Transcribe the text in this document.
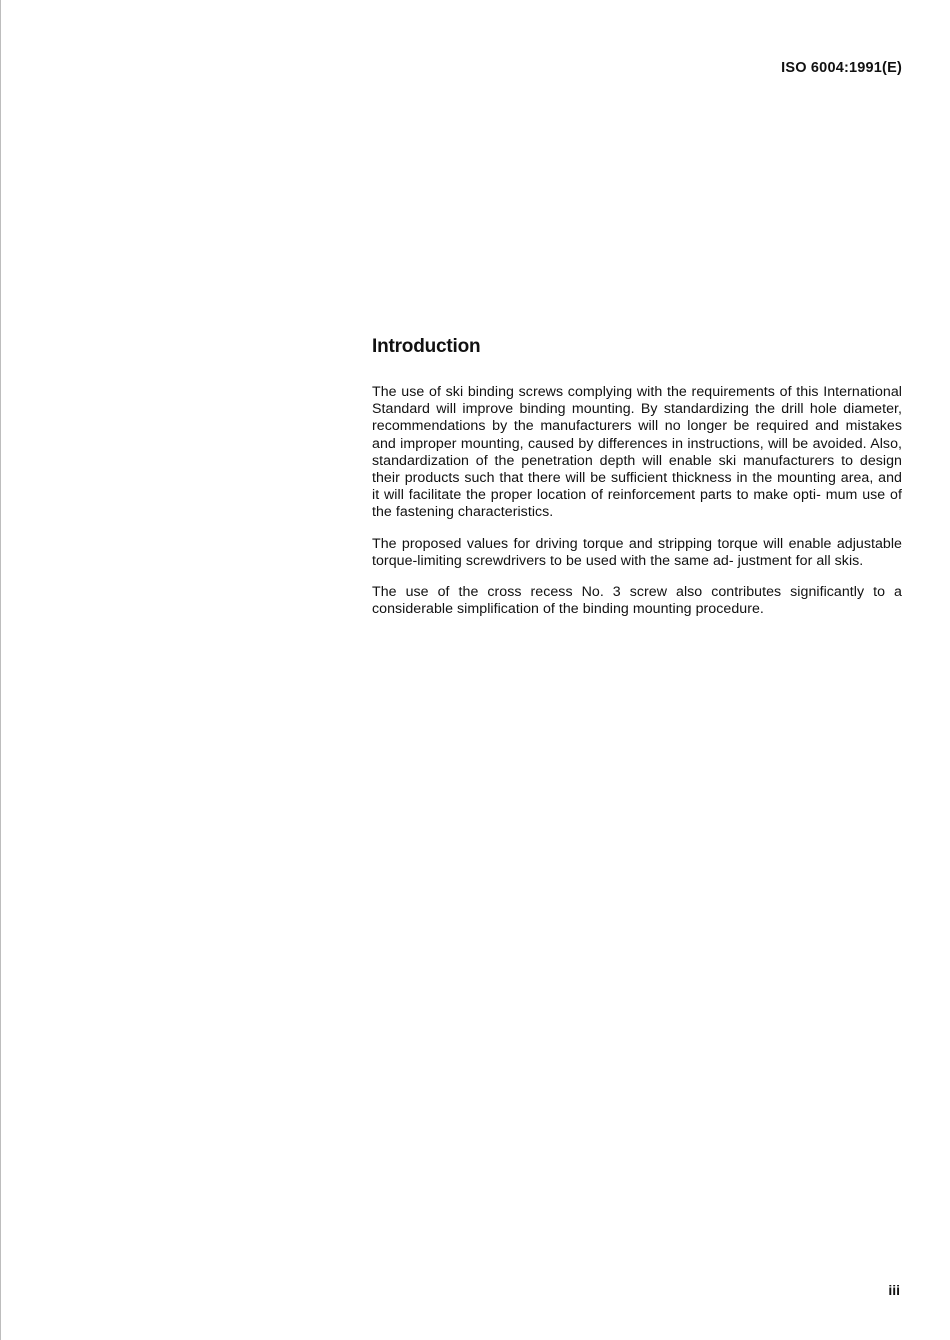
ISO 6004:1991(E)
Introduction

The use of ski binding screws complying with the requirements of this International Standard will improve binding mounting. By standardizing the drill hole diameter, recommendations by the manufacturers will no longer be required and mistakes and improper mounting, caused by differences in instructions, will be avoided. Also, standardization of the penetration depth will enable ski manufacturers to design their products such that there will be sufficient thickness in the mounting area, and it will facilitate the proper location of reinforcement parts to make opti- mum use of the fastening characteristics.

The proposed values for driving torque and stripping torque will enable adjustable torque-limiting screwdrivers to be used with the same ad- justment for all skis.

The use of the cross recess No. 3 screw also contributes significantly to a considerable simplification of the binding mounting procedure.

iii
